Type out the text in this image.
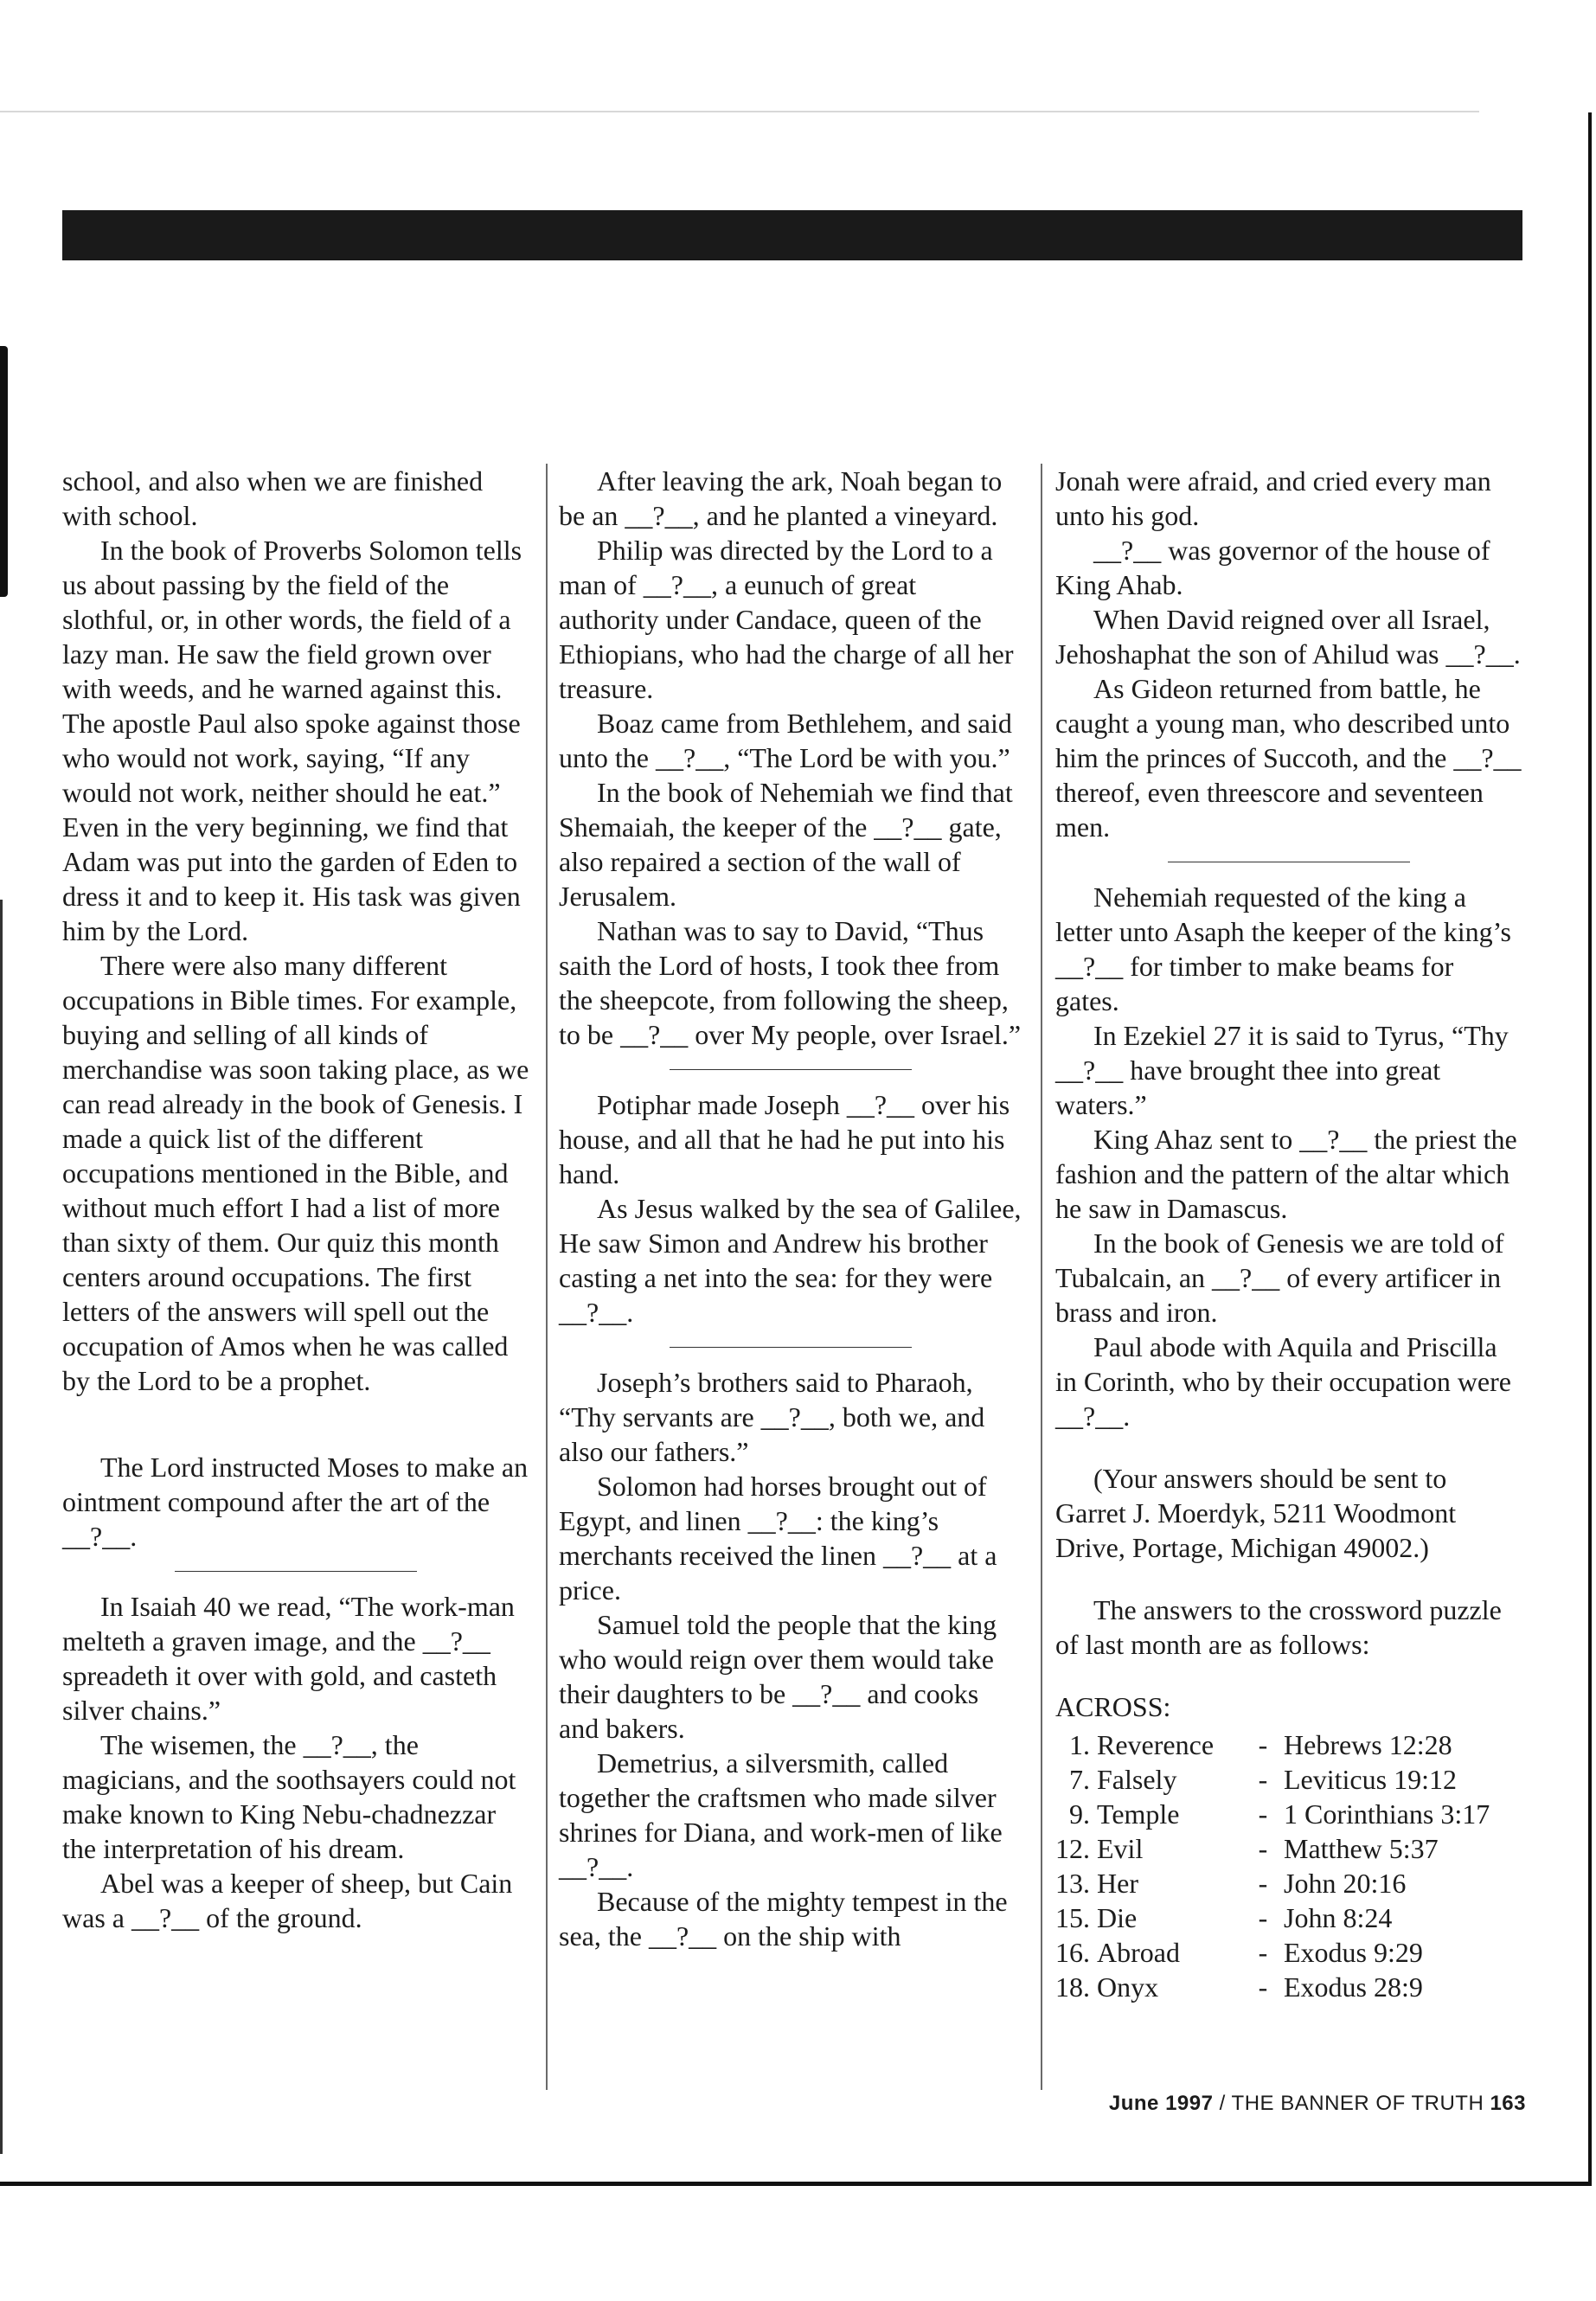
school, and also when we are finished with school.

In the book of Proverbs Solomon tells us about passing by the field of the slothful, or, in other words, the field of a lazy man. He saw the field grown over with weeds, and he warned against this. The apostle Paul also spoke against those who would not work, saying, “If any would not work, neither should he eat.” Even in the very beginning, we find that Adam was put into the garden of Eden to dress it and to keep it. His task was given him by the Lord.

There were also many different occupations in Bible times. For example, buying and selling of all kinds of merchandise was soon taking place, as we can read already in the book of Genesis. I made a quick list of the different occupations mentioned in the Bible, and without much effort I had a list of more than sixty of them. Our quiz this month centers around occupations. The first letters of the answers will spell out the occupation of Amos when he was called by the Lord to be a prophet.

The Lord instructed Moses to make an ointment compound after the art of the __?__.

In Isaiah 40 we read, “The work-man melteth a graven image, and the __?__ spreadeth it over with gold, and casteth silver chains.”

The wisemen, the __?__, the magicians, and the soothsayers could not make known to King Nebu-chadnezzar the interpretation of his dream.

Abel was a keeper of sheep, but Cain was a __?__ of the ground.

After leaving the ark, Noah began to be an __?__, and he planted a vineyard.

Philip was directed by the Lord to a man of __?__, a eunuch of great authority under Candace, queen of the Ethiopians, who had the charge of all her treasure.

Boaz came from Bethlehem, and said unto the __?__, “The Lord be with you.”

In the book of Nehemiah we find that Shemaiah, the keeper of the __?__ gate, also repaired a section of the wall of Jerusalem.

Nathan was to say to David, “Thus saith the Lord of hosts, I took thee from the sheepcote, from following the sheep, to be __?__ over My people, over Israel.”

Potiphar made Joseph __?__ over his house, and all that he had he put into his hand.

As Jesus walked by the sea of Galilee, He saw Simon and Andrew his brother casting a net into the sea: for they were __?__.

Joseph’s brothers said to Pharaoh, “Thy servants are __?__, both we, and also our fathers.”

Solomon had horses brought out of Egypt, and linen __?__: the king’s merchants received the linen __?__ at a price.

Samuel told the people that the king who would reign over them would take their daughters to be __?__ and cooks and bakers.

Demetrius, a silversmith, called together the craftsmen who made silver shrines for Diana, and work-men of like __?__.

Because of the mighty tempest in the sea, the __?__ on the ship with

Jonah were afraid, and cried every man unto his god.

__?__ was governor of the house of King Ahab.

When David reigned over all Israel, Jehoshaphat the son of Ahilud was __?__.

As Gideon returned from battle, he caught a young man, who described unto him the princes of Succoth, and the __?__ thereof, even threescore and seventeen men.

Nehemiah requested of the king a letter unto Asaph the keeper of the king’s __?__ for timber to make beams for gates.

In Ezekiel 27 it is said to Tyrus, “Thy __?__ have brought thee into great waters.”

King Ahaz sent to __?__ the priest the fashion and the pattern of the altar which he saw in Damascus.

In the book of Genesis we are told of Tubalcain, an __?__ of every artificer in brass and iron.

Paul abode with Aquila and Priscilla in Corinth, who by their occupation were __?__.

(Your answers should be sent to Garret J. Moerdyk, 5211 Woodmont Drive, Portage, Michigan 49002.)

The answers to the crossword puzzle of last month are as follows:

ACROSS:

1.	Reverence	-	Hebrews 12:28
7.	Falsely	-	Leviticus 19:12
9.	Temple	-	1 Corinthians 3:17
12.	Evil	-	Matthew 5:37
13.	Her	-	John 20:16
15.	Die	-	John 8:24
16.	Abroad	-	Exodus 9:29
18.	Onyx	-	Exodus 28:9
June 1997 / THE BANNER OF TRUTH 163
